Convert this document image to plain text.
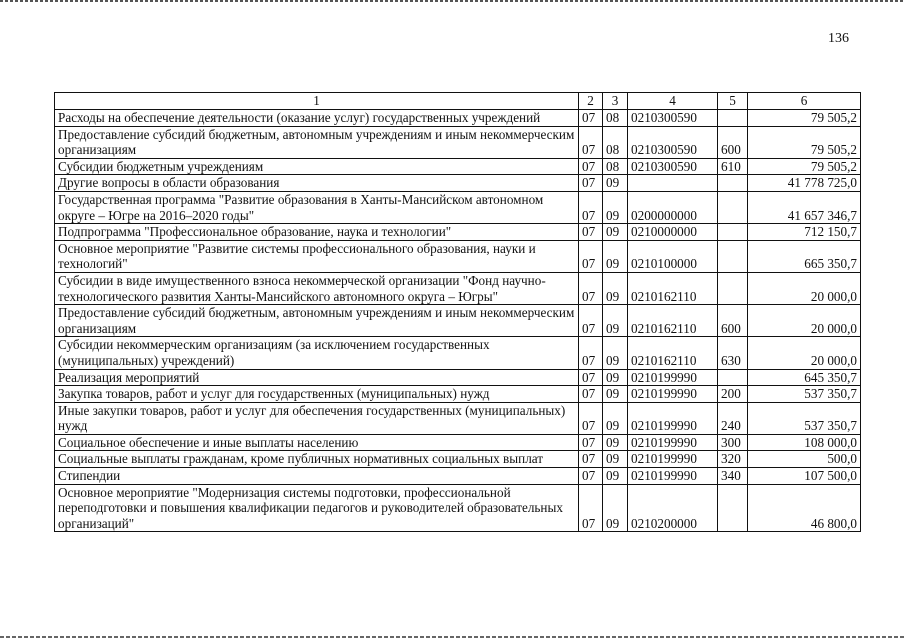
136
1	2	3	4	5	6
Расходы на обеспечение деятельности (оказание услуг) государственных учреждений	07	08	0210300590		79 505,2
Предоставление субсидий бюджетным, автономным учреждениям и иным некоммерческим организациям	07	08	0210300590	600	79 505,2
Субсидии бюджетным учреждениям	07	08	0210300590	610	79 505,2
Другие вопросы в области образования	07	09			41 778 725,0
Государственная программа "Развитие образования в Ханты-Мансийском автономном округе – Югре на 2016–2020 годы"	07	09	0200000000		41 657 346,7
Подпрограмма "Профессиональное образование, наука и технологии"	07	09	0210000000		712 150,7
Основное мероприятие "Развитие системы профессионального образования, науки и технологий"	07	09	0210100000		665 350,7
Субсидии в виде имущественного взноса некоммерческой организации "Фонд научно-технологического развития Ханты-Мансийского автономного округа – Югры"	07	09	0210162110		20 000,0
Предоставление субсидий бюджетным, автономным учреждениям и иным некоммерческим организациям	07	09	0210162110	600	20 000,0
Субсидии некоммерческим организациям (за исключением государственных (муниципальных) учреждений)	07	09	0210162110	630	20 000,0
Реализация мероприятий	07	09	0210199990		645 350,7
Закупка товаров, работ и услуг для государственных (муниципальных) нужд	07	09	0210199990	200	537 350,7
Иные закупки товаров, работ и услуг для обеспечения государственных (муниципальных) нужд	07	09	0210199990	240	537 350,7
Социальное обеспечение и иные выплаты населению	07	09	0210199990	300	108 000,0
Социальные выплаты гражданам, кроме публичных нормативных социальных выплат	07	09	0210199990	320	500,0
Стипендии	07	09	0210199990	340	107 500,0
Основное мероприятие "Модернизация системы подготовки, профессиональной переподготовки и повышения квалификации педагогов и руководителей образовательных организаций"	07	09	0210200000		46 800,0
